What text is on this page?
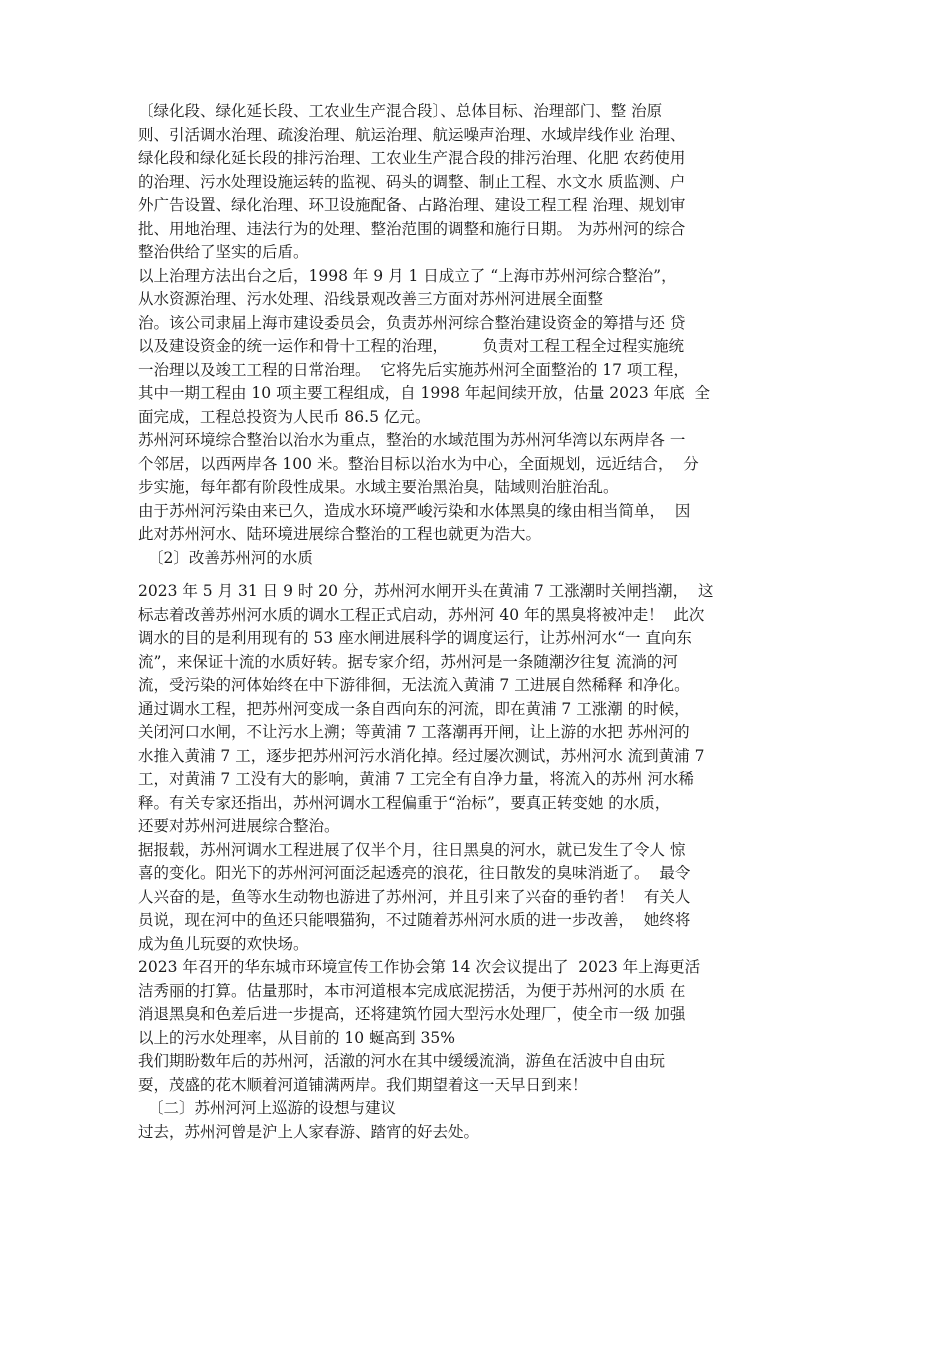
〔绿化段、绿化延长段、工农业生产混合段〕、总体目标、治理部门、整 治原
则、引活调水治理、疏浚治理、航运治理、航运噪声治理、水域岸线作业 治理、
绿化段和绿化延长段的排污治理、工农业生产混合段的排污治理、化肥 农药使用
的治理、污水处理设施运转的监视、码头的调整、制止工程、水文水 质监测、户
外广告设置、绿化治理、环卫设施配备、占路治理、建设工程工程 治理、规划审
批、用地治理、违法行为的处理、整治范围的调整和施行日期。 为苏州河的综合
整治供给了坚实的后盾。
以上治理方法出台之后，1998 年 9 月 1 日成立了 “上海市苏州河综合整治”，
从水资源治理、污水处理、沿线景观改善三方面对苏州河进展全面整
治。该公司隶届上海市建设委员会，负责苏州河综合整治建设资金的筹措与还 贷
以及建设资金的统一运作和骨十工程的治理，       负责对工程工程全过程实施统
一治理以及竣工工程的日常治理。  它将先后实施苏州河全面整治的 17 项工程，
其中一期工程由 10 项主要工程组成，自 1998 年起间续开放，估量 2023 年底  全
面完成，工程总投资为人民币 86.5 亿元。
苏州河环境综合整治以治水为重点，整治的水域范围为苏州河华湾以东两岸各 一
个邻居，以西两岸各 100 米。整治目标以治水为中心，全面规划，远近结合，  分
步实施，每年都有阶段性成果。水域主要治黑治臭，陆域则治脏治乱。
由于苏州河污染由来已久，造成水环境严峻污染和水体黑臭的缘由相当简单，  因
此对苏州河水、陆环境进展综合整治的工程也就更为浩大。
〔2〕改善苏州河的水质
2023 年 5 月 31 日 9 时 20 分，苏州河水闸开头在黄浦 7 工涨潮时关闸挡潮，  这
标志着改善苏州河水质的调水工程正式启动，苏州河 40 年的黑臭将被冲走！  此次
调水的目的是利用现有的 53 座水闸进展科学的调度运行，让苏州河水“一 直向东
流”，来保证十流的水质好转。据专家介绍，苏州河是一条随潮汐往复 流淌的河
流，受污染的河体始终在中下游徘徊，无法流入黄浦 7 工进展自然稀释 和净化。
通过调水工程，把苏州河变成一条自西向东的河流，即在黄浦 7 工涨潮 的时候，
关闭河口水闸，不让污水上溯；等黄浦 7 工落潮再开闸，让上游的水把 苏州河的
水推入黄浦 7 工，逐步把苏州河污水消化掉。经过屡次测试，苏州河水 流到黄浦 7
工，对黄浦 7 工没有大的影响，黄浦 7 工完全有自净力量，将流入的苏州 河水稀
释。有关专家还指出，苏州河调水工程偏重于“治标”，要真正转变她 的水质，
还要对苏州河进展综合整治。
据报载，苏州河调水工程进展了仅半个月，往日黑臭的河水，就已发生了令人 惊
喜的变化。阳光下的苏州河河面泛起透亮的浪花，往日散发的臭味消逝了。  最令
人兴奋的是，鱼等水生动物也游进了苏州河，并且引来了兴奋的垂钓者！  有关人
员说，现在河中的鱼还只能喂猫狗，不过随着苏州河水质的进一步改善，  她终将
成为鱼儿玩耍的欢快场。
2023 年召开的华东城市环境宣传工作协会第 14 次会议提出了  2023 年上海更活
洁秀丽的打算。估量那时，本市河道根本完成底泥捞活，为便于苏州河的水质 在
消退黑臭和色差后进一步提高，还将建筑竹园大型污水处理厂，使全市一级 加强
以上的污水处理率，从目前的 10 蜒高到 35%
我们期盼数年后的苏州河，活澈的河水在其中缓缓流淌，游鱼在活波中自由玩
耍，茂盛的花木顺着河道铺满两岸。我们期望着这一天早日到来！
〔二〕苏州河河上巡游的设想与建议
过去，苏州河曾是沪上人家春游、踏宵的好去处。
